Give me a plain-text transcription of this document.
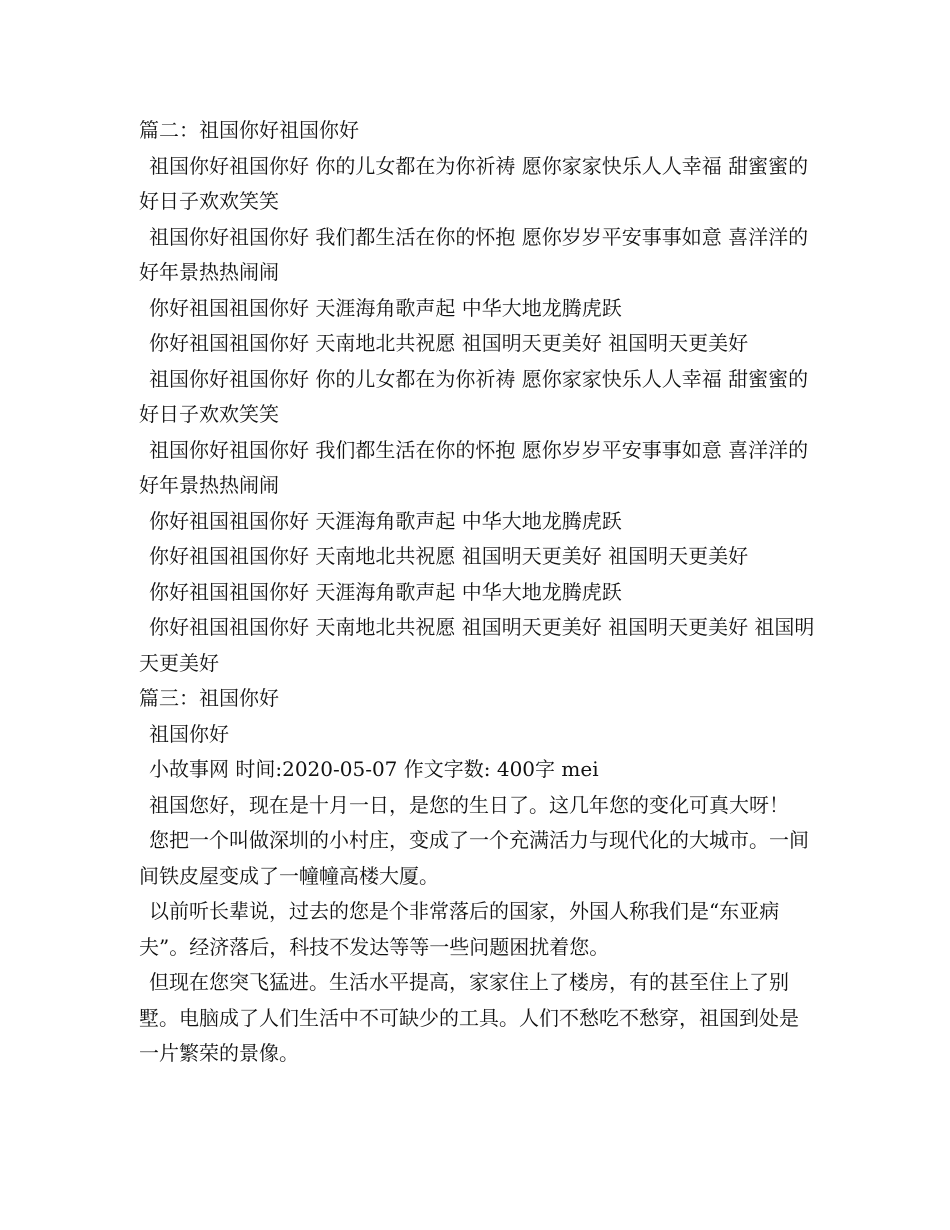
篇二：祖国你好祖国你好

祖国你好祖国你好 你的儿女都在为你祈祷 愿你家家快乐人人幸福 甜蜜蜜的好日子欢欢笑笑

祖国你好祖国你好 我们都生活在你的怀抱 愿你岁岁平安事事如意 喜洋洋的好年景热热闹闹

你好祖国祖国你好 天涯海角歌声起 中华大地龙腾虎跃

你好祖国祖国你好 天南地北共祝愿 祖国明天更美好 祖国明天更美好

祖国你好祖国你好 你的儿女都在为你祈祷 愿你家家快乐人人幸福 甜蜜蜜的好日子欢欢笑笑

祖国你好祖国你好 我们都生活在你的怀抱 愿你岁岁平安事事如意 喜洋洋的好年景热热闹闹

你好祖国祖国你好 天涯海角歌声起 中华大地龙腾虎跃

你好祖国祖国你好 天南地北共祝愿 祖国明天更美好 祖国明天更美好

你好祖国祖国你好 天涯海角歌声起 中华大地龙腾虎跃

你好祖国祖国你好 天南地北共祝愿 祖国明天更美好 祖国明天更美好 祖国明天更美好

篇三：祖国你好

祖国你好

小故事网 时间:2020-05-07 作文字数: 400字 mei

祖国您好，现在是十月一日，是您的生日了。这几年您的变化可真大呀！

您把一个叫做深圳的小村庄，变成了一个充满活力与现代化的大城市。一间间铁皮屋变成了一幢幢高楼大厦。

以前听长辈说，过去的您是个非常落后的国家，外国人称我们是“东亚病夫”。经济落后，科技不发达等等一些问题困扰着您。

但现在您突飞猛进。生活水平提高，家家住上了楼房，有的甚至住上了别墅。电脑成了人们生活中不可缺少的工具。人们不愁吃不愁穿，祖国到处是一片繁荣的景像。
